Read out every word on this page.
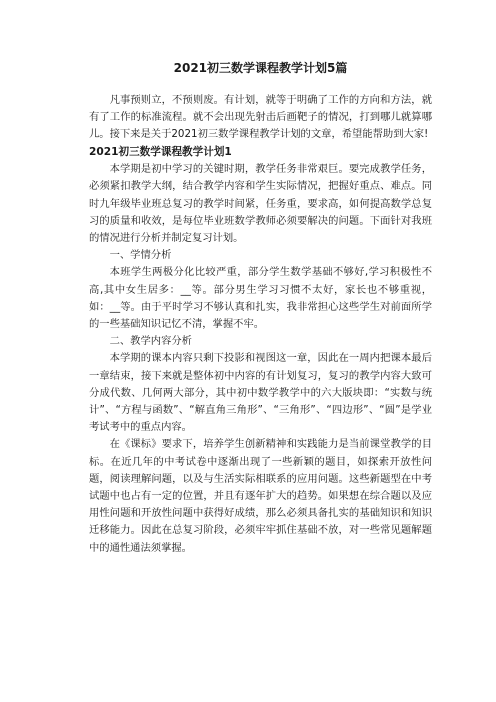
2021初三数学课程教学计划5篇

凡事预则立，不预则废。有计划，就等于明确了工作的方向和方法，就有了工作的标准流程。就不会出现先射击后画靶子的情况，打到哪儿就算哪儿。接下来是关于2021初三数学课程教学计划的文章，希望能帮助到大家!

2021初三数学课程教学计划1

本学期是初中学习的关键时期，教学任务非常艰巨。要完成教学任务，必须紧扣教学大纲，结合教学内容和学生实际情况，把握好重点、难点。同时九年级毕业班总复习的教学时间紧，任务重，要求高，如何提高数学总复习的质量和收效，是每位毕业班数学教师必须要解决的问题。下面针对我班的情况进行分析并制定复习计划。

一、学情分析

本班学生两极分化比较严重，部分学生数学基础不够好,学习积极性不高,其中女生居多：__等。部分男生学习习惯不太好，家长也不够重视，如：__等。由于平时学习不够认真和扎实，我非常担心这些学生对前面所学的一些基础知识记忆不清，掌握不牢。

二、教学内容分析

本学期的课本内容只剩下投影和视图这一章，因此在一周内把课本最后一章结束，接下来就是整体初中内容的有计划复习，复习的教学内容大致可分成代数、几何两大部分，其中初中数学教学中的六大版块即：“实数与统计”、“方程与函数”、“解直角三角形”、“三角形”、“四边形”、“圆”是学业考试考中的重点内容。

在《课标》要求下，培养学生创新精神和实践能力是当前课堂教学的目标。在近几年的中考试卷中逐渐出现了一些新颖的题目，如探索开放性问题，阅读理解问题，以及与生活实际相联系的应用问题。这些新题型在中考试题中也占有一定的位置，并且有逐年扩大的趋势。如果想在综合题以及应用性问题和开放性问题中获得好成绩，那么必须具备扎实的基础知识和知识迁移能力。因此在总复习阶段，必须牢牢抓住基础不放，对一些常见题解题中的通性通法须掌握。
